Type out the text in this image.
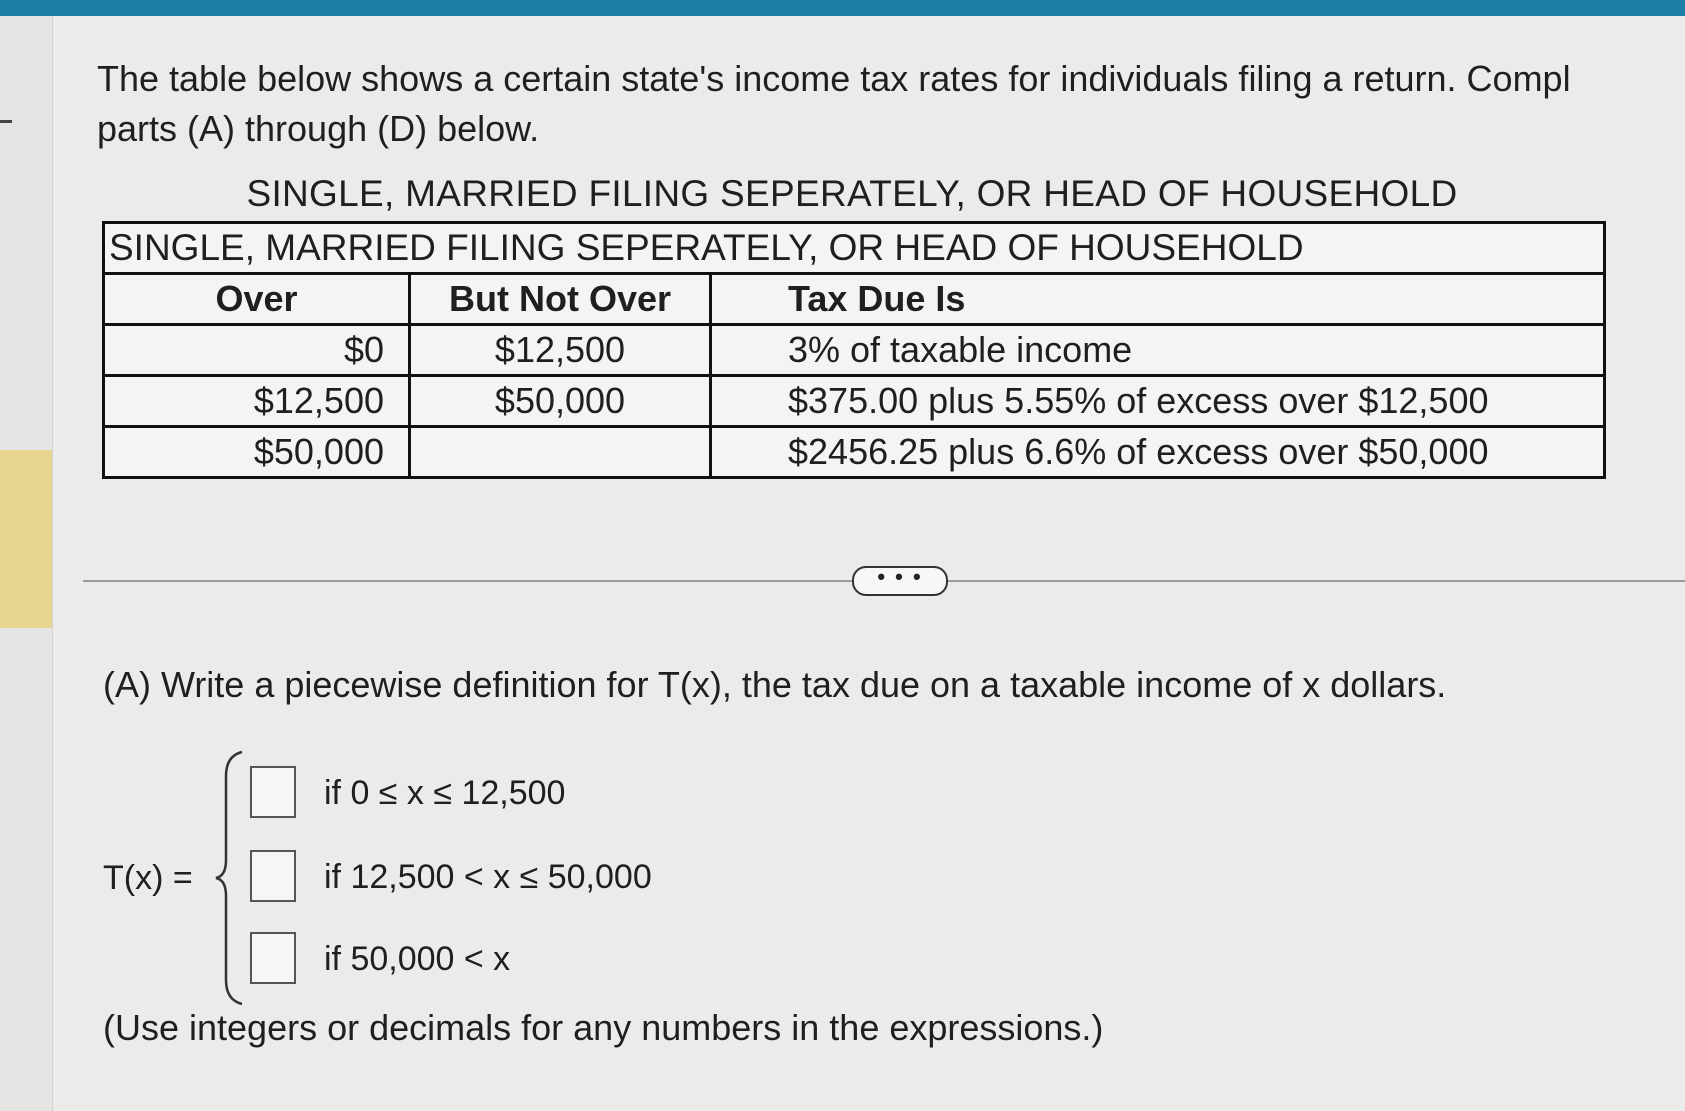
The table below shows a certain state's income tax rates for individuals filing a return. Compl
parts (A) through (D) below.
SINGLE, MARRIED FILING SEPERATELY, OR HEAD OF HOUSEHOLD
SINGLE, MARRIED FILING SEPERATELY, OR HEAD OF HOUSEHOLD		
Over	But Not Over	Tax Due Is
$0	$12,500	3% of taxable income
$12,500	$50,000	$375.00 plus 5.55% of excess over $12,500
$50,000		$2456.25 plus 6.6% of excess over $50,000
• • •
(A) Write a piecewise definition for T(x), the tax due on a taxable income of x dollars.
T(x) =
if 0 ≤ x ≤ 12,500
if 12,500 < x ≤ 50,000
if 50,000 < x
(Use integers or decimals for any numbers in the expressions.)
